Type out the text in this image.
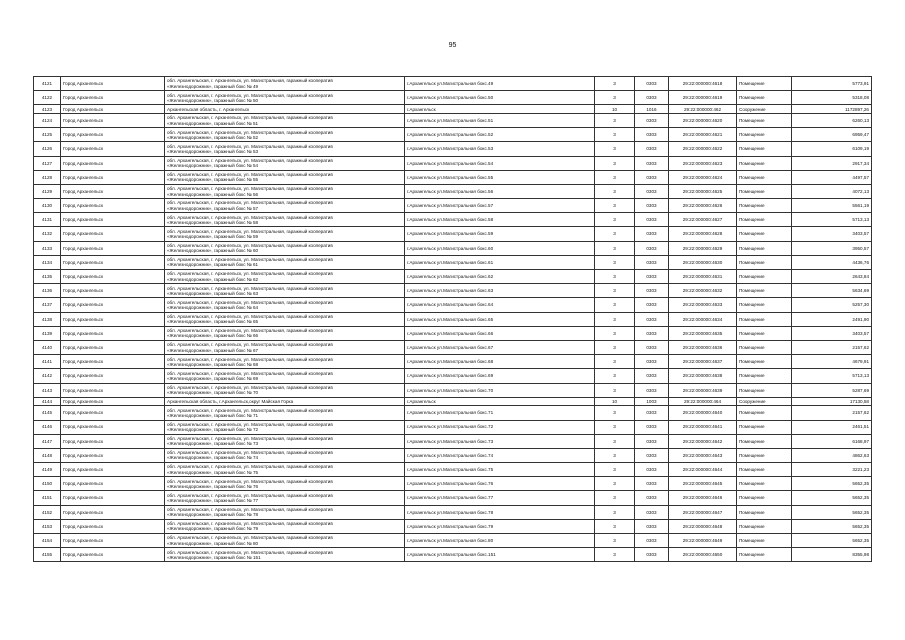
95
4121	Город Архангельск	обл. Архангельская, г. Архангельск, ул. Магистральная, гаражный кооператив
«Железнодорожник», гаражный бокс № 49	г.Архангельск ул.Магистральная бокс.49	3	0303	29:22:000000:4618	Помещение	5773,91
4122	Город Архангельск	обл. Архангельская, г. Архангельск, ул. Магистральная, гаражный кооператив
«Железнодорожник», гаражный бокс № 50	г.Архангельск ул.Магистральная бокс.50	3	0303	29:22:000000:4619	Помещение	5318,08
4123	Город Архангельск	Архангельская область, г. Архангельск	г.Архангельск	10	1016	29:22:000000:462	Сооружение	1172897,26
4124	Город Архангельск	обл. Архангельская, г. Архангельск, ул. Магистральная, гаражный кооператив
«Железнодорожник», гаражный бокс № 51	г.Архангельск ул.Магистральная бокс.51	3	0303	29:22:000000:4620	Помещение	6260,13
4125	Город Архангельск	обл. Архангельская, г. Архангельск, ул. Магистральная, гаражный кооператив
«Железнодорожник», гаражный бокс № 52	г.Архангельск ул.Магистральная бокс.52	3	0303	29:22:000000:4621	Помещение	6959,47
4126	Город Архангельск	обл. Архангельская, г. Архангельск, ул. Магистральная, гаражный кооператив
«Железнодорожник», гаражный бокс № 53	г.Архангельск ул.Магистральная бокс.53	3	0303	29:22:000000:4622	Помещение	6109,19
4127	Город Архангельск	обл. Архангельская, г. Архангельск, ул. Магистральная, гаражный кооператив
«Железнодорожник», гаражный бокс № 54	г.Архангельск ул.Магистральная бокс.54	3	0303	29:22:000000:4623	Помещение	2917,34
4128	Город Архангельск	обл. Архангельская, г. Архангельск, ул. Магистральная, гаражный кооператив
«Железнодорожник», гаражный бокс № 55	г.Архангельск ул.Магистральная бокс.55	3	0303	29:22:000000:4624	Помещение	4497,57
4129	Город Архангельск	обл. Архангельская, г. Архангельск, ул. Магистральная, гаражный кооператив
«Железнодорожник», гаражный бокс № 56	г.Архангельск ул.Магистральная бокс.56	3	0303	29:22:000000:4625	Помещение	4072,13
4130	Город Архангельск	обл. Архангельская, г. Архангельск, ул. Магистральная, гаражный кооператив
«Железнодорожник», гаражный бокс № 57	г.Архангельск ул.Магистральная бокс.57	3	0303	29:22:000000:4626	Помещение	5561,19
4131	Город Архангельск	обл. Архангельская, г. Архангельск, ул. Магистральная, гаражный кооператив
«Железнодорожник», гаражный бокс № 58	г.Архангельск ул.Магистральная бокс.58	3	0303	29:22:000000:4627	Помещение	5713,13
4132	Город Архангельск	обл. Архангельская, г. Архангельск, ул. Магистральная, гаражный кооператив
«Железнодорожник», гаражный бокс № 59	г.Архангельск ул.Магистральная бокс.59	3	0303	29:22:000000:4628	Помещение	3403,57
4133	Город Архангельск	обл. Архангельская, г. Архангельск, ул. Магистральная, гаражный кооператив
«Железнодорожник», гаражный бокс № 60	г.Архангельск ул.Магистральная бокс.60	3	0303	29:22:000000:4629	Помещение	3950,57
4134	Город Архангельск	обл. Архангельская, г. Архангельск, ул. Магистральная, гаражный кооператив
«Железнодорожник», гаражный бокс № 61	г.Архангельск ул.Магистральная бокс.61	3	0303	29:22:000000:4630	Помещение	4436,76
4135	Город Архангельск	обл. Архангельская, г. Архангельск, ул. Магистральная, гаражный кооператив
«Железнодорожник», гаражный бокс № 62	г.Архангельск ул.Магистральная бокс.62	3	0303	29:22:000000:4631	Помещение	2643,84
4136	Город Архангельск	обл. Архангельская, г. Архангельск, ул. Магистральная, гаражный кооператив
«Железнодорожник», гаражный бокс № 63	г.Архангельск ул.Магистральная бокс.63	3	0303	29:22:000000:4632	Помещение	5634,69
4137	Город Архангельск	обл. Архангельская, г. Архангельск, ул. Магистральная, гаражный кооператив
«Железнодорожник», гаражный бокс № 64	г.Архангельск ул.Магистральная бокс.64	3	0303	29:22:000000:4633	Помещение	5257,30
4138	Город Архангельск	обл. Архангельская, г. Архангельск, ул. Магистральная, гаражный кооператив
«Железнодорожник», гаражный бокс № 65	г.Архангельск ул.Магистральная бокс.65	3	0303	29:22:000000:4634	Помещение	2491,90
4139	Город Архангельск	обл. Архангельская, г. Архангельск, ул. Магистральная, гаражный кооператив
«Железнодорожник», гаражный бокс № 66	г.Архангельск ул.Магистральная бокс.66	3	0303	29:22:000000:4635	Помещение	3403,57
4140	Город Архангельск	обл. Архангельская, г. Архангельск, ул. Магистральная, гаражный кооператив
«Железнодорожник», гаражный бокс № 67	г.Архангельск ул.Магистральная бокс.67	3	0303	29:22:000000:4636	Помещение	2157,62
4141	Город Архангельск	обл. Архангельская, г. Архангельск, ул. Магистральная, гаражный кооператив
«Железнодорожник», гаражный бокс № 68	г.Архангельск ул.Магистральная бокс.68	3	0303	29:22:000000:4637	Помещение	4679,91
4142	Город Архангельск	обл. Архангельская, г. Архангельск, ул. Магистральная, гаражный кооператив
«Железнодорожник», гаражный бокс № 69	г.Архангельск ул.Магистральная бокс.69	3	0303	29:22:000000:4638	Помещение	5713,13
4143	Город Архангельск	обл. Архангельская, г. Архангельск, ул. Магистральная, гаражный кооператив
«Железнодорожник», гаражный бокс № 70	г.Архангельск ул.Магистральная бокс.70	3	0303	29:22:000000:4639	Помещение	5287,69
4144	Город Архангельск	Архангельская область, г.Архангельск,округ Майская Горка	г.Архангельск	10	1003	29:22:000000:464	Сооружение	17130,58
4145	Город Архангельск	обл. Архангельская, г. Архангельск, ул. Магистральная, гаражный кооператив
«Железнодорожник», гаражный бокс № 71	г.Архангельск ул.Магистральная бокс.71	3	0303	29:22:000000:4640	Помещение	2157,62
4146	Город Архангельск	обл. Архангельская, г. Архангельск, ул. Магистральная, гаражный кооператив
«Железнодорожник», гаражный бокс № 72	г.Архангельск ул.Магистральная бокс.72	3	0303	29:22:000000:4641	Помещение	2461,51
4147	Город Архангельск	обл. Архангельская, г. Архангельск, ул. Магистральная, гаражный кооператив
«Железнодорожник», гаражный бокс № 73	г.Архангельск ул.Магистральная бокс.73	3	0303	29:22:000000:4642	Помещение	6168,97
4148	Город Архангельск	обл. Архангельская, г. Архангельск, ул. Магистральная, гаражный кооператив
«Железнодорожник», гаражный бокс № 74	г.Архангельск ул.Магистральная бокс.74	3	0303	29:22:000000:4643	Помещение	4862,63
4149	Город Архангельск	обл. Архангельская, г. Архангельск, ул. Магистральная, гаражный кооператив
«Железнодорожник», гаражный бокс № 75	г.Архангельск ул.Магистральная бокс.75	3	0303	29:22:000000:4644	Помещение	3221,23
4150	Город Архангельск	обл. Архангельская, г. Архангельск, ул. Магистральная, гаражный кооператив
«Железнодорожник», гаражный бокс № 76	г.Архангельск ул.Магистральная бокс.76	3	0303	29:22:000000:4645	Помещение	5652,35
4151	Город Архангельск	обл. Архангельская, г. Архангельск, ул. Магистральная, гаражный кооператив
«Железнодорожник», гаражный бокс № 77	г.Архангельск ул.Магистральная бокс.77	3	0303	29:22:000000:4646	Помещение	5652,35
4152	Город Архангельск	обл. Архангельская, г. Архангельск, ул. Магистральная, гаражный кооператив
«Железнодорожник», гаражный бокс № 78	г.Архангельск ул.Магистральная бокс.78	3	0303	29:22:000000:4647	Помещение	5652,35
4153	Город Архангельск	обл. Архангельская, г. Архангельск, ул. Магистральная, гаражный кооператив
«Железнодорожник», гаражный бокс № 79	г.Архангельск ул.Магистральная бокс.79	3	0303	29:22:000000:4648	Помещение	5652,35
4154	Город Архангельск	обл. Архангельская, г. Архангельск, ул. Магистральная, гаражный кооператив
«Железнодорожник», гаражный бокс № 80	г.Архангельск ул.Магистральная бокс.80	3	0303	29:22:000000:4649	Помещение	5652,35
4155	Город Архангельск	обл. Архангельская, г. Архангельск, ул. Магистральная, гаражный кооператив
«Железнодорожник», гаражный бокс № 151	г.Архангельск ул.Магистральная бокс.151	3	0303	29:22:000000:4650	Помещение	8355,98
